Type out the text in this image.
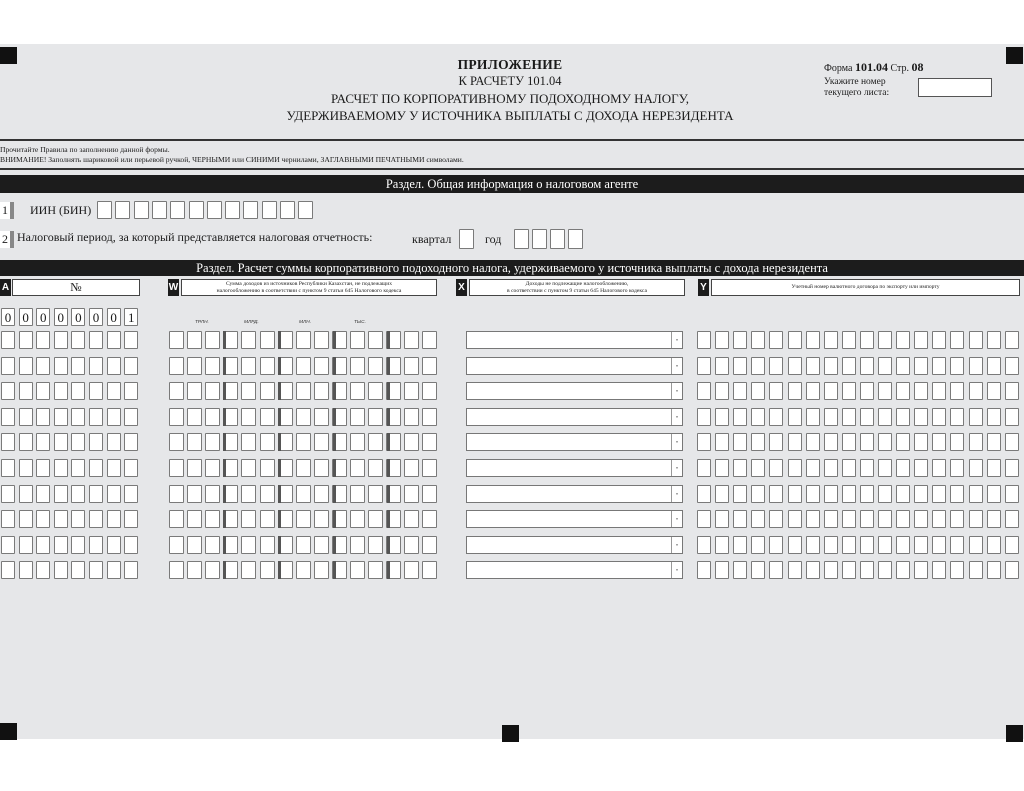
ПРИЛОЖЕНИЕ
К РАСЧЕТУ 101.04
РАСЧЕТ ПО КОРПОРАТИВНОМУ ПОДОХОДНОМУ НАЛОГУ,
УДЕРЖИВАЕМОМУ У ИСТОЧНИКА ВЫПЛАТЫ С ДОХОДА НЕРЕЗИДЕНТА
Форма 101.04 Стр. 08
Укажите номер
текущего листа:
Прочитайте Правила по заполнению данной формы.
ВНИМАНИЕ! Заполнять шариковой или перьевой ручкой, ЧЕРНЫМИ или СИНИМИ чернилами, ЗАГЛАВНЫМИ ПЕЧАТНЫМИ символами.
Раздел. Общая информация о налоговом агенте
1	ИИН (БИН)
2 Налоговый период, за который представляется налоговая отчетность:	квартал	год
Раздел. Расчет суммы корпоративного подоходного налога, удерживаемого у источника выплаты с дохода нерезидента
A	№	W	Сумма доходов из источников Республики Казахстан, не подлежащих
налогообложению в соответствии с пунктом 9 статьи 645 Налогового кодекса	X	Доходы не подлежащие налогообложению,
в соответствии с пунктом 9 статьи 645 Налогового кодекса	Y	Учетный номер валютного договора по экспорту или импорту
ТРЛН.	МЛРД.	МЛН.	ТЫС.
0 0 0 0 0 0 0 1
▾
▾
▾
▾
▾
▾
▾
▾
▾
▾
